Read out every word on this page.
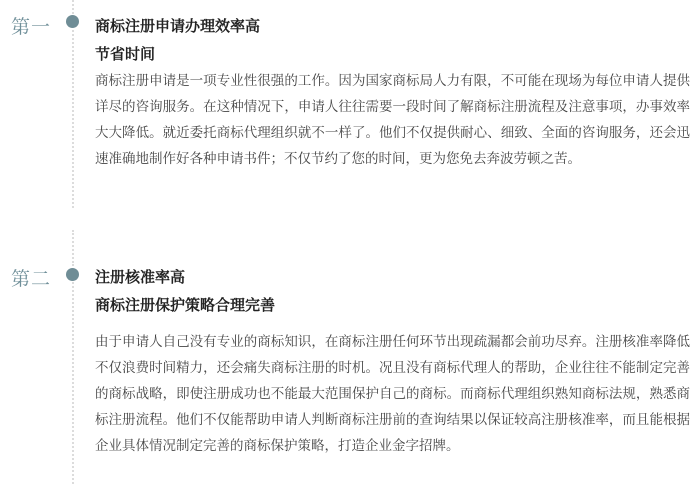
第一	商标注册申请办理效率高
节省时间

商标注册申请是一项专业性很强的工作。因为国家商标局人力有限，不可能在现场为每位申请人提供详尽的咨询服务。在这种情况下，申请人往往需要一段时间了解商标注册流程及注意事项，办事效率大大降低。就近委托商标代理组织就不一样了。他们不仅提供耐心、细致、全面的咨询服务，还会迅速准确地制作好各种申请书件；不仅节约了您的时间，更为您免去奔波劳顿之苦。

第二	注册核准率高
商标注册保护策略合理完善

由于申请人自己没有专业的商标知识，在商标注册任何环节出现疏漏都会前功尽弃。注册核准率降低不仅浪费时间精力，还会痛失商标注册的时机。况且没有商标代理人的帮助，企业往往不能制定完善的商标战略，即使注册成功也不能最大范围保护自己的商标。而商标代理组织熟知商标法规，熟悉商标注册流程。他们不仅能帮助申请人判断商标注册前的查询结果以保证较高注册核准率，而且能根据企业具体情况制定完善的商标保护策略，打造企业金字招牌。
